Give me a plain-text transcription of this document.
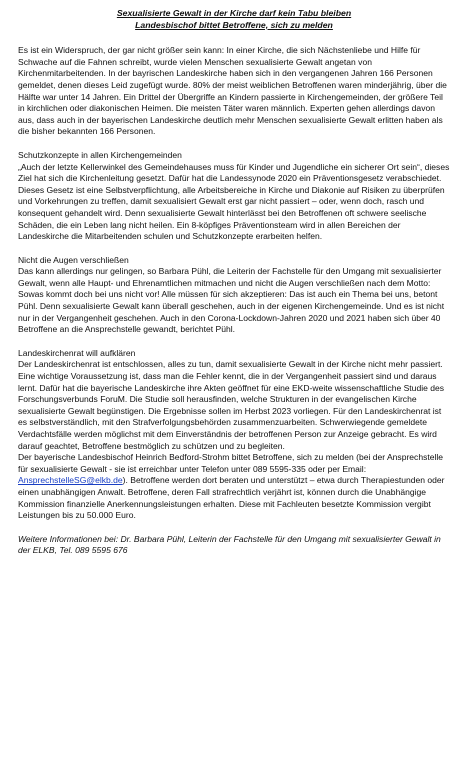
Sexualisierte Gewalt in der Kirche darf kein Tabu bleiben
Landesbischof bittet Betroffene, sich zu melden

Es ist ein Widerspruch, der gar nicht größer sein kann: In einer Kirche, die sich Nächstenliebe und Hilfe für Schwache auf die Fahnen schreibt, wurde vielen Menschen sexualisierte Gewalt angetan von Kirchenmitarbeitenden. In der bayrischen Landeskirche haben sich in den vergangenen Jahren 166 Personen gemeldet, denen dieses Leid zugefügt wurde. 80% der meist weiblichen Betroffenen waren minderjährig, über die Hälfte war unter 14 Jahren. Ein Drittel der Übergriffe an Kindern passierte in Kirchengemeinden, der größere Teil in kirchlichen oder diakonischen Heimen. Die meisten Täter waren männlich. Experten gehen allerdings davon aus, dass auch in der bayerischen Landeskirche deutlich mehr Menschen sexualisierte Gewalt erlitten haben als die bisher bekannten 166 Personen.

Schutzkonzepte in allen Kirchengemeinden

„Auch der letzte Kellerwinkel des Gemeindehauses muss für Kinder und Jugendliche ein sicherer Ort sein“, dieses Ziel hat sich die Kirchenleitung gesetzt. Dafür hat die Landessynode 2020 ein Präventionsgesetz verabschiedet. Dieses Gesetz ist eine Selbstverpflichtung, alle Arbeitsbereiche in Kirche und Diakonie auf Risiken zu überprüfen und Vorkehrungen zu treffen, damit sexualisiert Gewalt erst gar nicht passiert – oder, wenn doch, rasch und konsequent gehandelt wird. Denn sexualisierte Gewalt hinterlässt bei den Betroffenen oft schwere seelische Schäden, die ein Leben lang nicht heilen. Ein 8-köpfiges Präventionsteam wird in allen Bereichen der Landeskirche die Mitarbeitenden schulen und Schutzkonzepte erarbeiten helfen.

Nicht die Augen verschließen

Das kann allerdings nur gelingen, so Barbara Pühl, die Leiterin der Fachstelle für den Umgang mit sexualisierter Gewalt, wenn alle Haupt- und Ehrenamtlichen mitmachen und nicht die Augen verschließen nach dem Motto: Sowas kommt doch bei uns nicht vor! Alle müssen für sich akzeptieren: Das ist auch ein Thema bei uns, betont Pühl. Denn sexualisierte Gewalt kann überall geschehen, auch in der eigenen Kirchengemeinde. Und es ist nicht nur in der Vergangenheit geschehen. Auch in den Corona-Lockdown-Jahren 2020 und 2021 haben sich über 40 Betroffene an die Ansprechstelle gewandt, berichtet Pühl.

Landeskirchenrat will aufklären

Der Landeskirchenrat ist entschlossen, alles zu tun, damit sexualisierte Gewalt in der Kirche nicht mehr passiert. Eine wichtige Voraussetzung ist, dass man die Fehler kennt, die in der Vergangenheit passiert sind und daraus lernt. Dafür hat die bayerische Landeskirche ihre Akten geöffnet für eine EKD-weite wissenschaftliche Studie des Forschungsverbunds ForuM. Die Studie soll herausfinden, welche Strukturen in der evangelischen Kirche sexualisierte Gewalt begünstigen. Die Ergebnisse sollen im Herbst 2023 vorliegen. Für den Landeskirchenrat ist es selbstverständlich, mit den Strafverfolgungsbehörden zusammenzuarbeiten. Schwerwiegende gemeldete Verdachtsfälle werden möglichst mit dem Einverständnis der betroffenen Person zur Anzeige gebracht. Es wird darauf geachtet, Betroffene bestmöglich zu schützen und zu begleiten.

Der bayerische Landesbischof Heinrich Bedford-Strohm bittet Betroffene, sich zu melden (bei der Ansprechstelle für sexualisierte Gewalt - sie ist erreichbar unter Telefon unter 089 5595-335 oder per Email: AnsprechstelleSG@elkb.de). Betroffene werden dort beraten und unterstützt – etwa durch Therapiestunden oder einen unabhängigen Anwalt. Betroffene, deren Fall strafrechtlich verjährt ist, können durch die Unabhängige Kommission finanzielle Anerkennungsleistungen erhalten. Diese mit Fachleuten besetzte Kommission vergibt Leistungen bis zu 50.000 Euro.

Weitere Informationen bei: Dr. Barbara Pühl, Leiterin der Fachstelle für den Umgang mit sexualisierter Gewalt in der ELKB, Tel. 089 5595 676
